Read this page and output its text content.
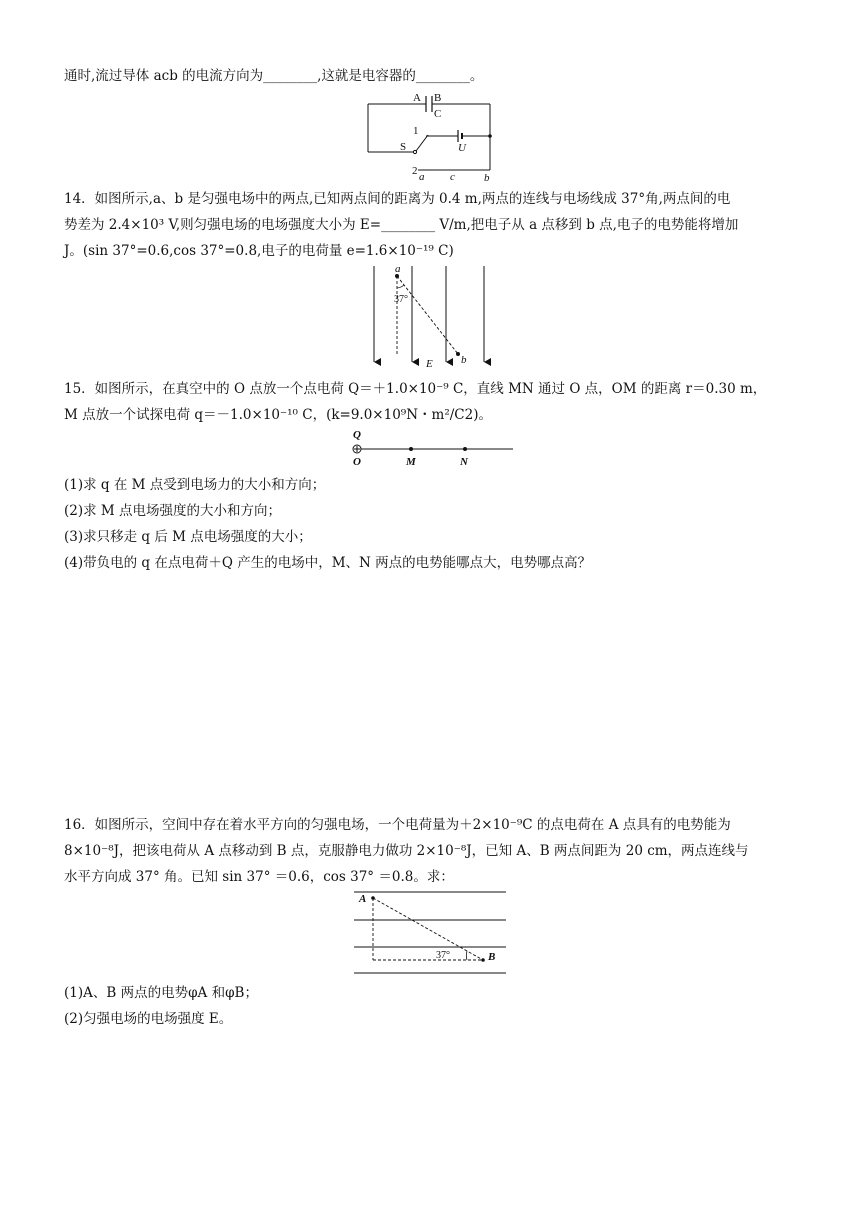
通时,流过导体 acb 的电流方向为________,这就是电容器的________。
A B
C
1
S	U
2 a c	b
14．如图所示,a、b 是匀强电场中的两点,已知两点间的距离为 0.4 m,两点的连线与电场线成 37°角,两点间的电
势差为 2.4×10³ V,则匀强电场的电场强度大小为 E=________ V/m,把电子从 a 点移到 b 点,电子的电势能将增加
J。(sin 37°=0.6,cos 37°=0.8,电子的电荷量 e=1.6×10⁻¹⁹ C)
a
b
37°
E
15．如图所示，在真空中的 O 点放一个点电荷 Q＝＋1.0×10⁻⁹ C，直线 MN 通过 O 点，OM 的距离 r＝0.30 m，
M 点放一个试探电荷 q＝－1.0×10⁻¹⁰ C，(k=9.0×10⁹N・m²/C2)。
Q
O	M	N
(1)求 q 在 M 点受到电场力的大小和方向；
(2)求 M 点电场强度的大小和方向；
(3)求只移走 q 后 M 点电场强度的大小；
(4)带负电的 q 在点电荷＋Q 产生的电场中，M、N 两点的电势能哪点大，电势哪点高？
16．如图所示，空间中存在着水平方向的匀强电场，一个电荷量为＋2×10⁻⁹C 的点电荷在 A 点具有的电势能为
8×10⁻⁸J，把该电荷从 A 点移动到 B 点，克服静电力做功 2×10⁻⁸J，已知 A、B 两点间距为 20 cm，两点连线与
水平方向成 37° 角。已知 sin 37° ＝0.6，cos 37° ＝0.8。求：
A
B
37°
(1)A、B 两点的电势φA 和φB；
(2)匀强电场的电场强度 E。
